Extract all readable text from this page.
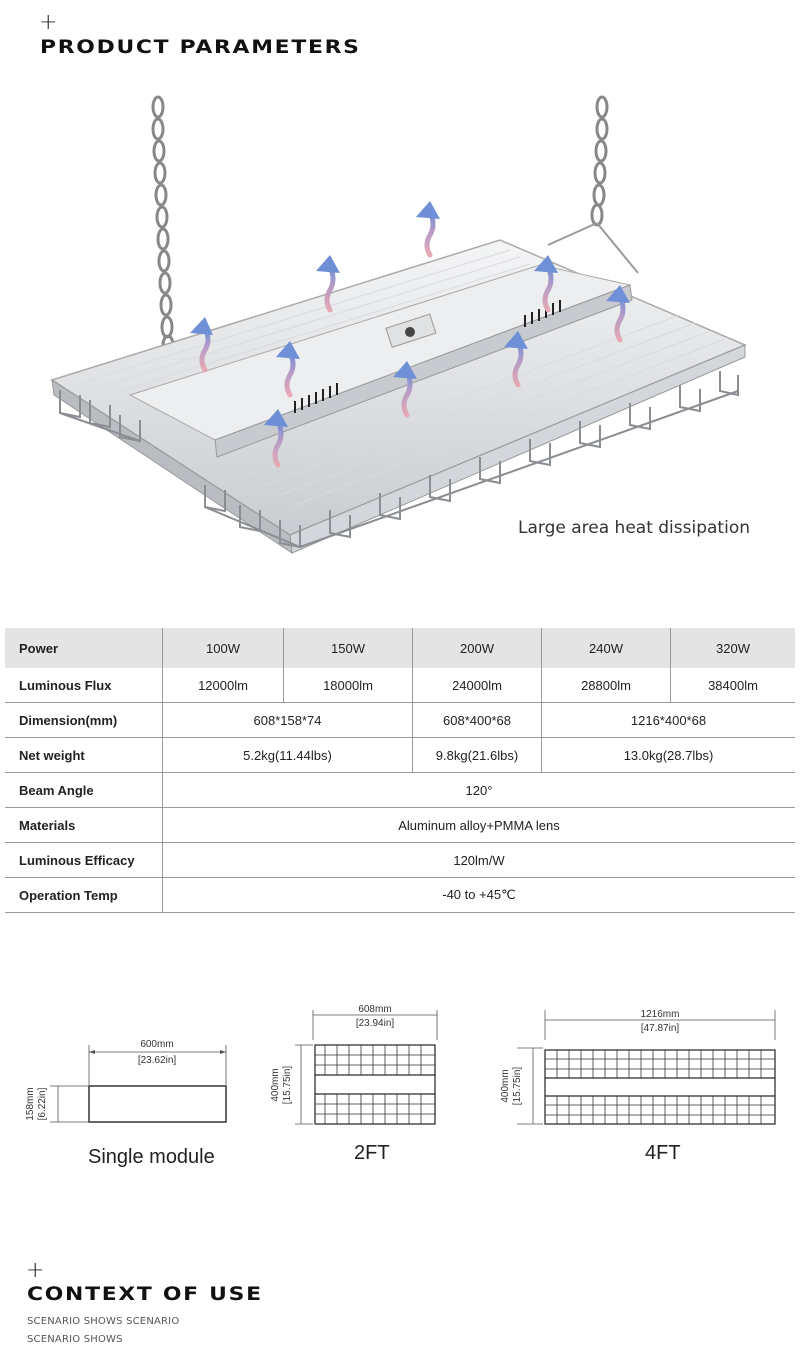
+
PRODUCT PARAMETERS
Large area heat dissipation
Power	100W	150W	200W	240W	320W
Luminous Flux	12000lm	18000lm	24000lm	28800lm	38400lm
Dimension(mm)	608*158*74		608*400*68	1216*400*68	
Net weight	5.2kg(11.44lbs)		9.8kg(21.6lbs)	13.0kg(28.7lbs)	
Beam Angle	120°				
Materials	Aluminum alloy+PMMA lens				
Luminous Efficacy	120lm/W				
Operation Temp	-40 to +45℃				
600mm
[23.62in]
158mm [6.22in]
Single module
608mm
[23.94in]
400mm [15.75in]
2FT
1216mm
[47.87in]
400mm [15.75in]
4FT
+
CONTEXT OF USE
SCENARIO SHOWS SCENARIO
SCENARIO SHOWS
